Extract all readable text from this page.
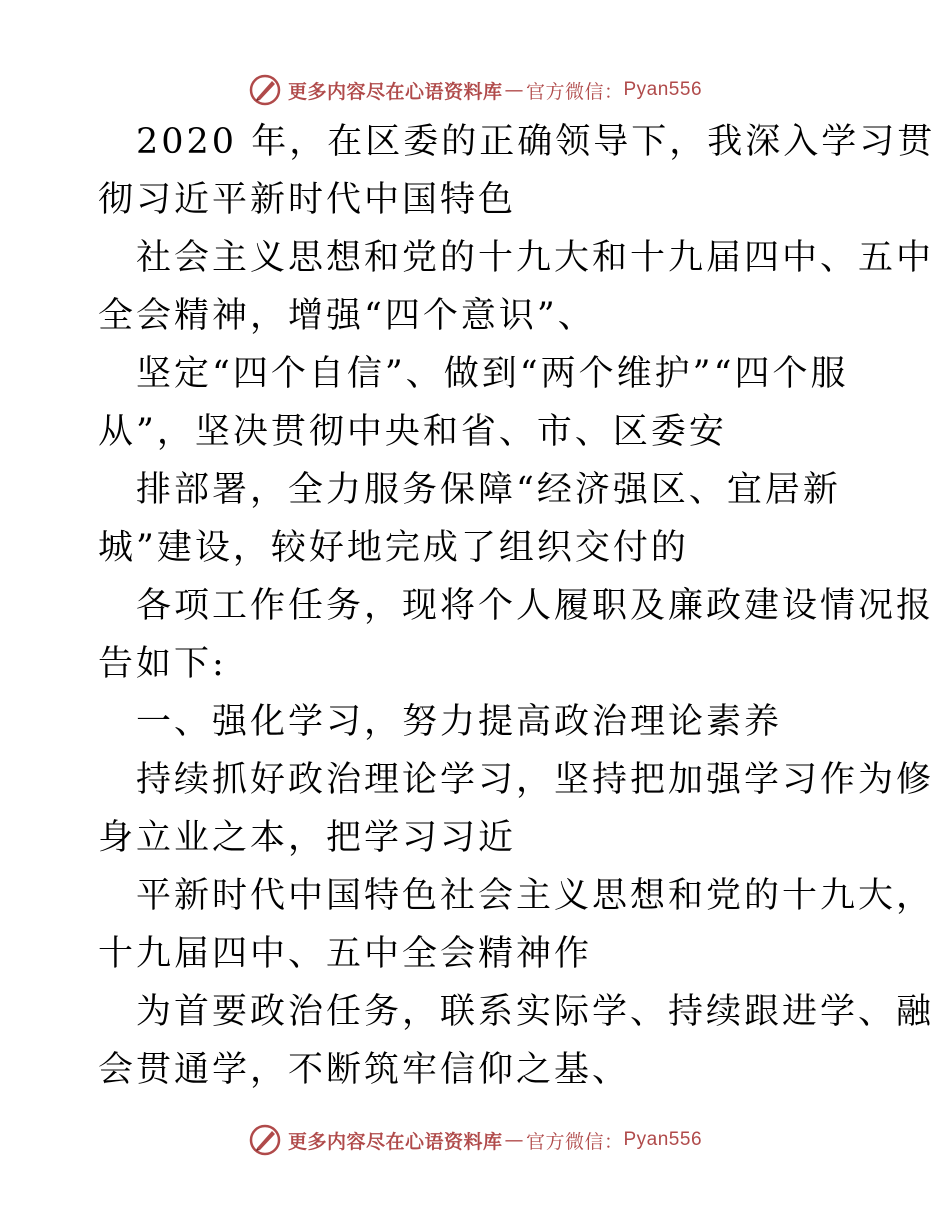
更多内容尽在心语资料库 — 官方微信： Pyan556
2020 年，在区委的正确领导下，我深入学习贯
彻习近平新时代中国特色
社会主义思想和党的十九大和十九届四中、五中
全会精神，增强“四个意识”、
坚定“四个自信”、做到“两个维护”“四个服
从”，坚决贯彻中央和省、市、区委安
排部署，全力服务保障“经济强区、宜居新
城”建设，较好地完成了组织交付的
各项工作任务，现将个人履职及廉政建设情况报
告如下:
一、强化学习，努力提高政治理论素养
持续抓好政治理论学习，坚持把加强学习作为修
身立业之本，把学习习近
平新时代中国特色社会主义思想和党的十九大，
十九届四中、五中全会精神作
为首要政治任务，联系实际学、持续跟进学、融
会贯通学，不断筑牢信仰之基、
更多内容尽在心语资料库 — 官方微信： Pyan556
